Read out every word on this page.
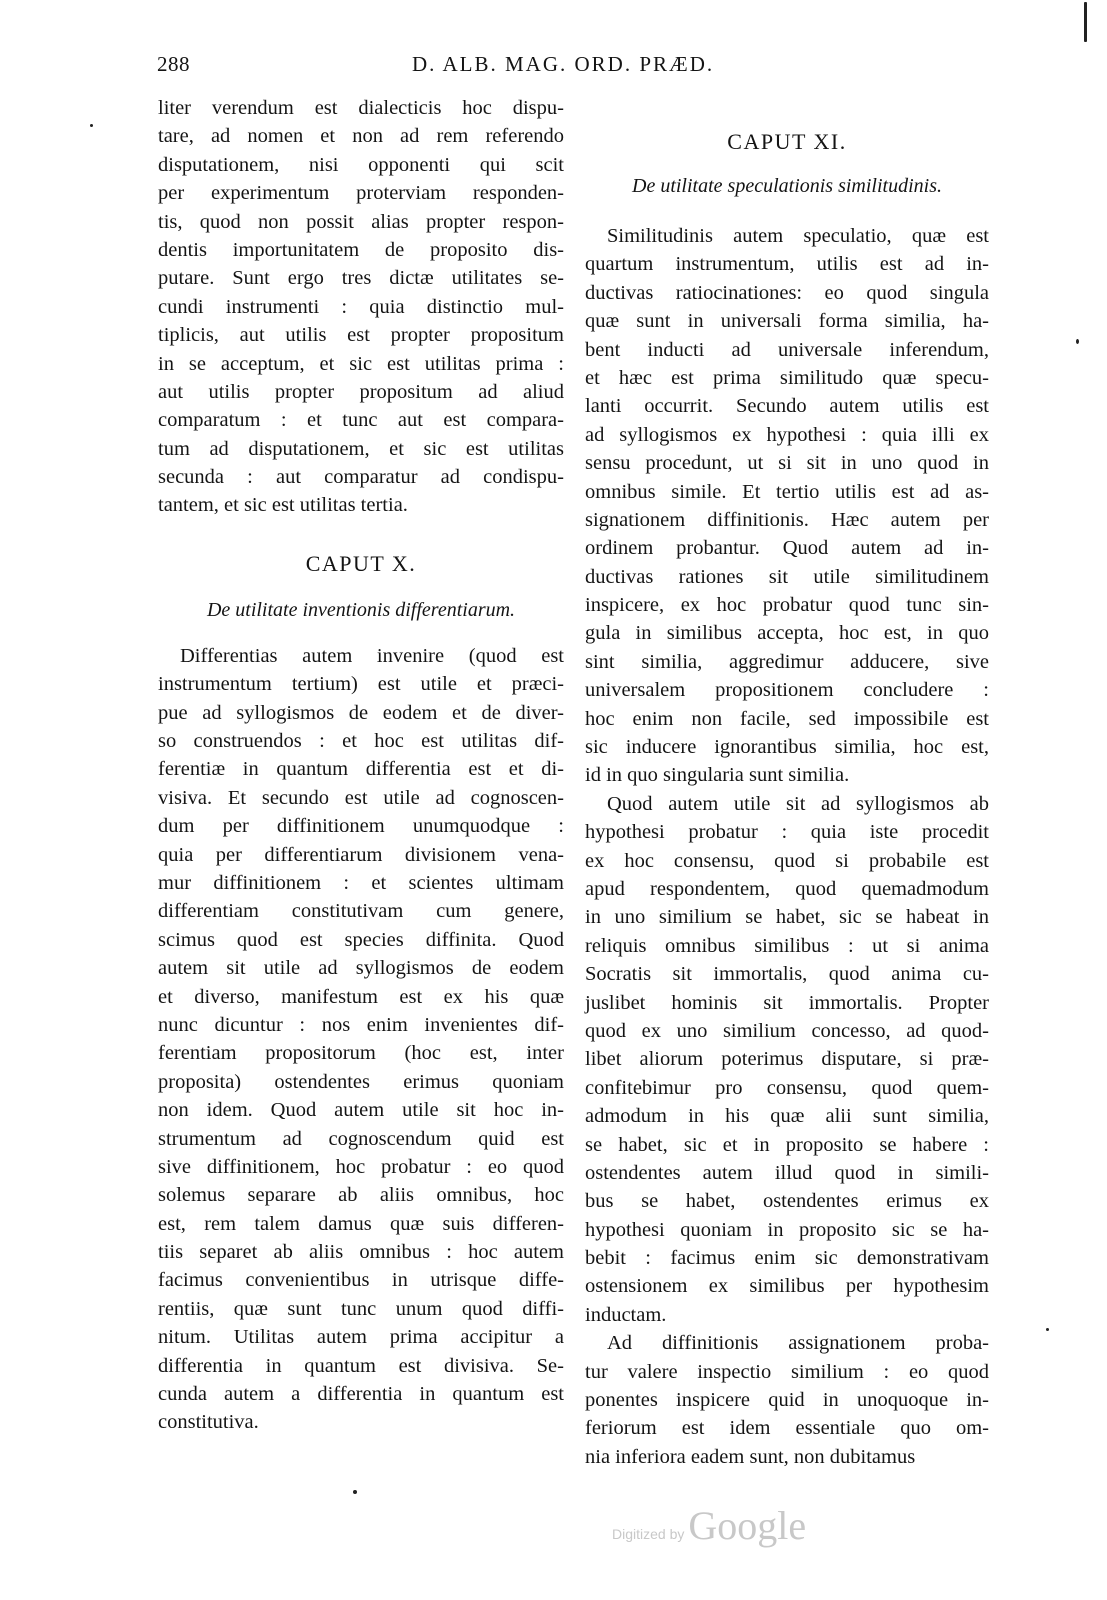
288	D. ALB. MAG. ORD. PRÆD.
liter verendum est dialecticis hoc dispu-
tare, ad nomen et non ad rem referendo
disputationem, nisi opponenti qui scit
per experimentum proterviam responden-
tis, quod non possit alias propter respon-
dentis importunitatem de proposito dis-
putare. Sunt ergo tres dictæ utilitates se-
cundi instrumenti : quia distinctio mul-
tiplicis, aut utilis est propter propositum
in se acceptum, et sic est utilitas prima :
aut utilis propter propositum ad aliud
comparatum : et tunc aut est compara-
tum ad disputationem, et sic est utilitas
secunda : aut comparatur ad condispu-
tantem, et sic est utilitas tertia.
CAPUT X.
De utilitate inventionis differentiarum.
Differentias autem invenire (quod est
instrumentum tertium) est utile et præci-
pue ad syllogismos de eodem et de diver-
so construendos : et hoc est utilitas dif-
ferentiæ in quantum differentia est et di-
visiva. Et secundo est utile ad cognoscen-
dum per diffinitionem unumquodque :
quia per differentiarum divisionem vena-
mur diffinitionem : et scientes ultimam
differentiam constitutivam cum genere,
scimus quod est species diffinita. Quod
autem sit utile ad syllogismos de eodem
et diverso, manifestum est ex his quæ
nunc dicuntur : nos enim invenientes dif-
ferentiam propositorum (hoc est, inter
proposita) ostendentes erimus quoniam
non idem. Quod autem utile sit hoc in-
strumentum ad cognoscendum quid est
sive diffinitionem, hoc probatur : eo quod
solemus separare ab aliis omnibus, hoc
est, rem talem damus quæ suis differen-
tiis separet ab aliis omnibus : hoc autem
facimus convenientibus in utrisque diffe-
rentiis, quæ sunt tunc unum quod diffi-
nitum. Utilitas autem prima accipitur a
differentia in quantum est divisiva. Se-
cunda autem a differentia in quantum est
constitutiva.
CAPUT XI.
De utilitate speculationis similitudinis.
Similitudinis autem speculatio, quæ est
quartum instrumentum, utilis est ad in-
ductivas ratiocinationes: eo quod singula
quæ sunt in universali forma similia, ha-
bent inducti ad universale inferendum,
et hæc est prima similitudo quæ specu-
lanti occurrit. Secundo autem utilis est
ad syllogismos ex hypothesi : quia illi ex
sensu procedunt, ut si sit in uno quod in
omnibus simile. Et tertio utilis est ad as-
signationem diffinitionis. Hæc autem per
ordinem probantur. Quod autem ad in-
ductivas rationes sit utile similitudinem
inspicere, ex hoc probatur quod tunc sin-
gula in similibus accepta, hoc est, in quo
sint similia, aggredimur adducere, sive
universalem propositionem concludere :
hoc enim non facile, sed impossibile est
sic inducere ignorantibus similia, hoc est,
id in quo singularia sunt similia.
Quod autem utile sit ad syllogismos ab
hypothesi probatur : quia iste procedit
ex hoc consensu, quod si probabile est
apud respondentem, quod quemadmodum
in uno similium se habet, sic se habeat in
reliquis omnibus similibus : ut si anima
Socratis sit immortalis, quod anima cu-
juslibet hominis sit immortalis. Propter
quod ex uno similium concesso, ad quod-
libet aliorum poterimus disputare, si præ-
confitebimur pro consensu, quod quem-
admodum in his quæ alii sunt similia,
se habet, sic et in proposito se habere :
ostendentes autem illud quod in simili-
bus se habet, ostendentes erimus ex
hypothesi quoniam in proposito sic se ha-
bebit : facimus enim sic demonstrativam
ostensionem ex similibus per hypothesim
inductam.
Ad diffinitionis assignationem proba-
tur valere inspectio similium : eo quod
ponentes inspicere quid in unoquoque in-
feriorum est idem essentiale quo om-
nia inferiora eadem sunt, non dubitamus
Digitized by Google
